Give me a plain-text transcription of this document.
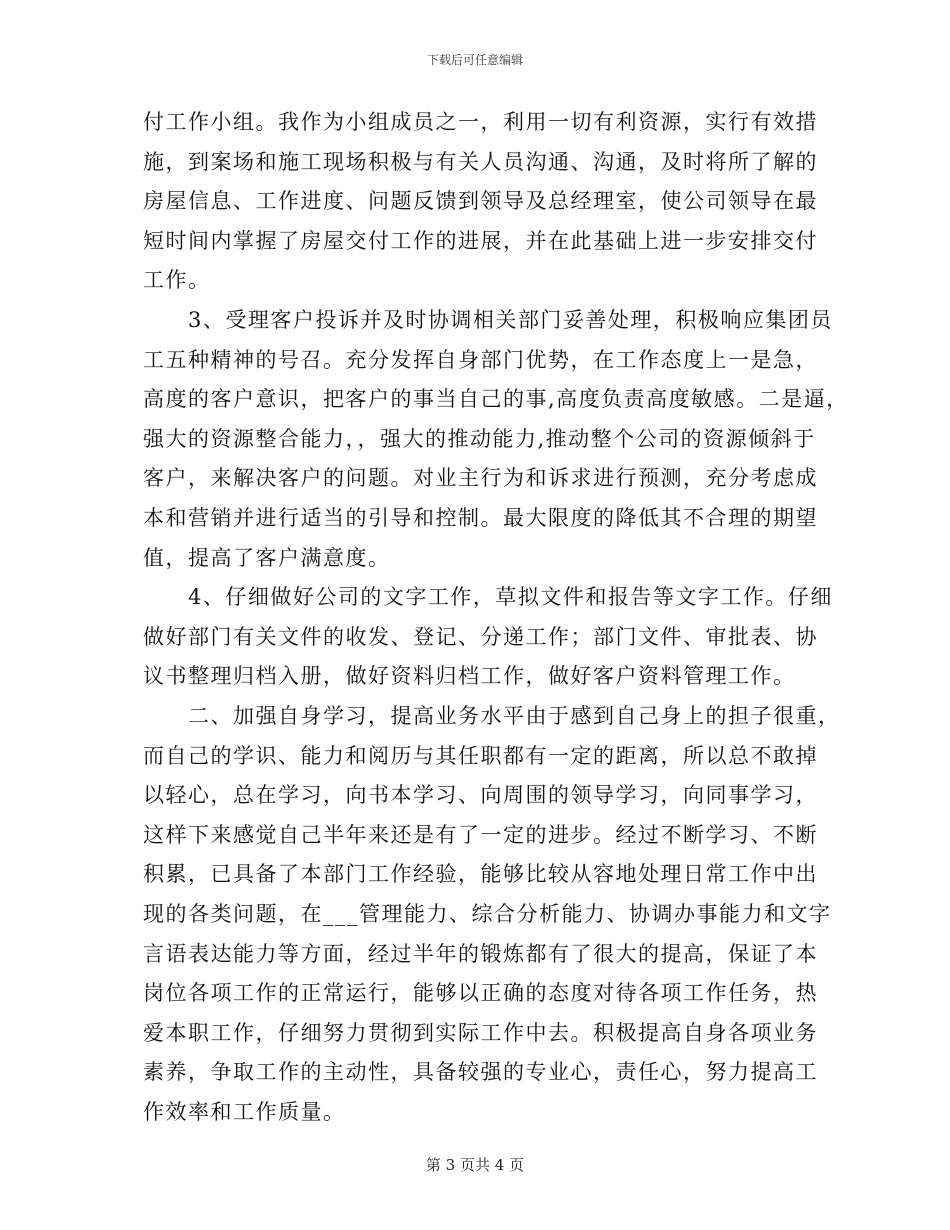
下载后可任意编辑
付工作小组。我作为小组成员之一，利用一切有利资源，实行有效措
施，到案场和施工现场积极与有关人员沟通、沟通，及时将所了解的
房屋信息、工作进度、问题反馈到领导及总经理室，使公司领导在最
短时间内掌握了房屋交付工作的进展，并在此基础上进一步安排交付
工作。
　　3、受理客户投诉并及时协调相关部门妥善处理，积极响应集团员
工五种精神的号召。充分发挥自身部门优势，在工作态度上一是急，
高度的客户意识，把客户的事当自己的事,高度负责高度敏感。二是逼，
强大的资源整合能力，，强大的推动能力,推动整个公司的资源倾斜于
客户，来解决客户的问题。对业主行为和诉求进行预测，充分考虑成
本和营销并进行适当的引导和控制。最大限度的降低其不合理的期望
值，提高了客户满意度。
　　4、仔细做好公司的文字工作，草拟文件和报告等文字工作。仔细
做好部门有关文件的收发、登记、分递工作；部门文件、审批表、协
议书整理归档入册，做好资料归档工作，做好客户资料管理工作。
　　二、加强自身学习，提高业务水平由于感到自己身上的担子很重，
而自己的学识、能力和阅历与其任职都有一定的距离，所以总不敢掉
以轻心，总在学习，向书本学习、向周围的领导学习，向同事学习，
这样下来感觉自己半年来还是有了一定的进步。经过不断学习、不断
积累，已具备了本部门工作经验，能够比较从容地处理日常工作中出
现的各类问题，在___管理能力、综合分析能力、协调办事能力和文字
言语表达能力等方面，经过半年的锻炼都有了很大的提高，保证了本
岗位各项工作的正常运行，能够以正确的态度对待各项工作任务，热
爱本职工作，仔细努力贯彻到实际工作中去。积极提高自身各项业务
素养，争取工作的主动性，具备较强的专业心，责任心，努力提高工
作效率和工作质量。
第 3 页共 4 页
